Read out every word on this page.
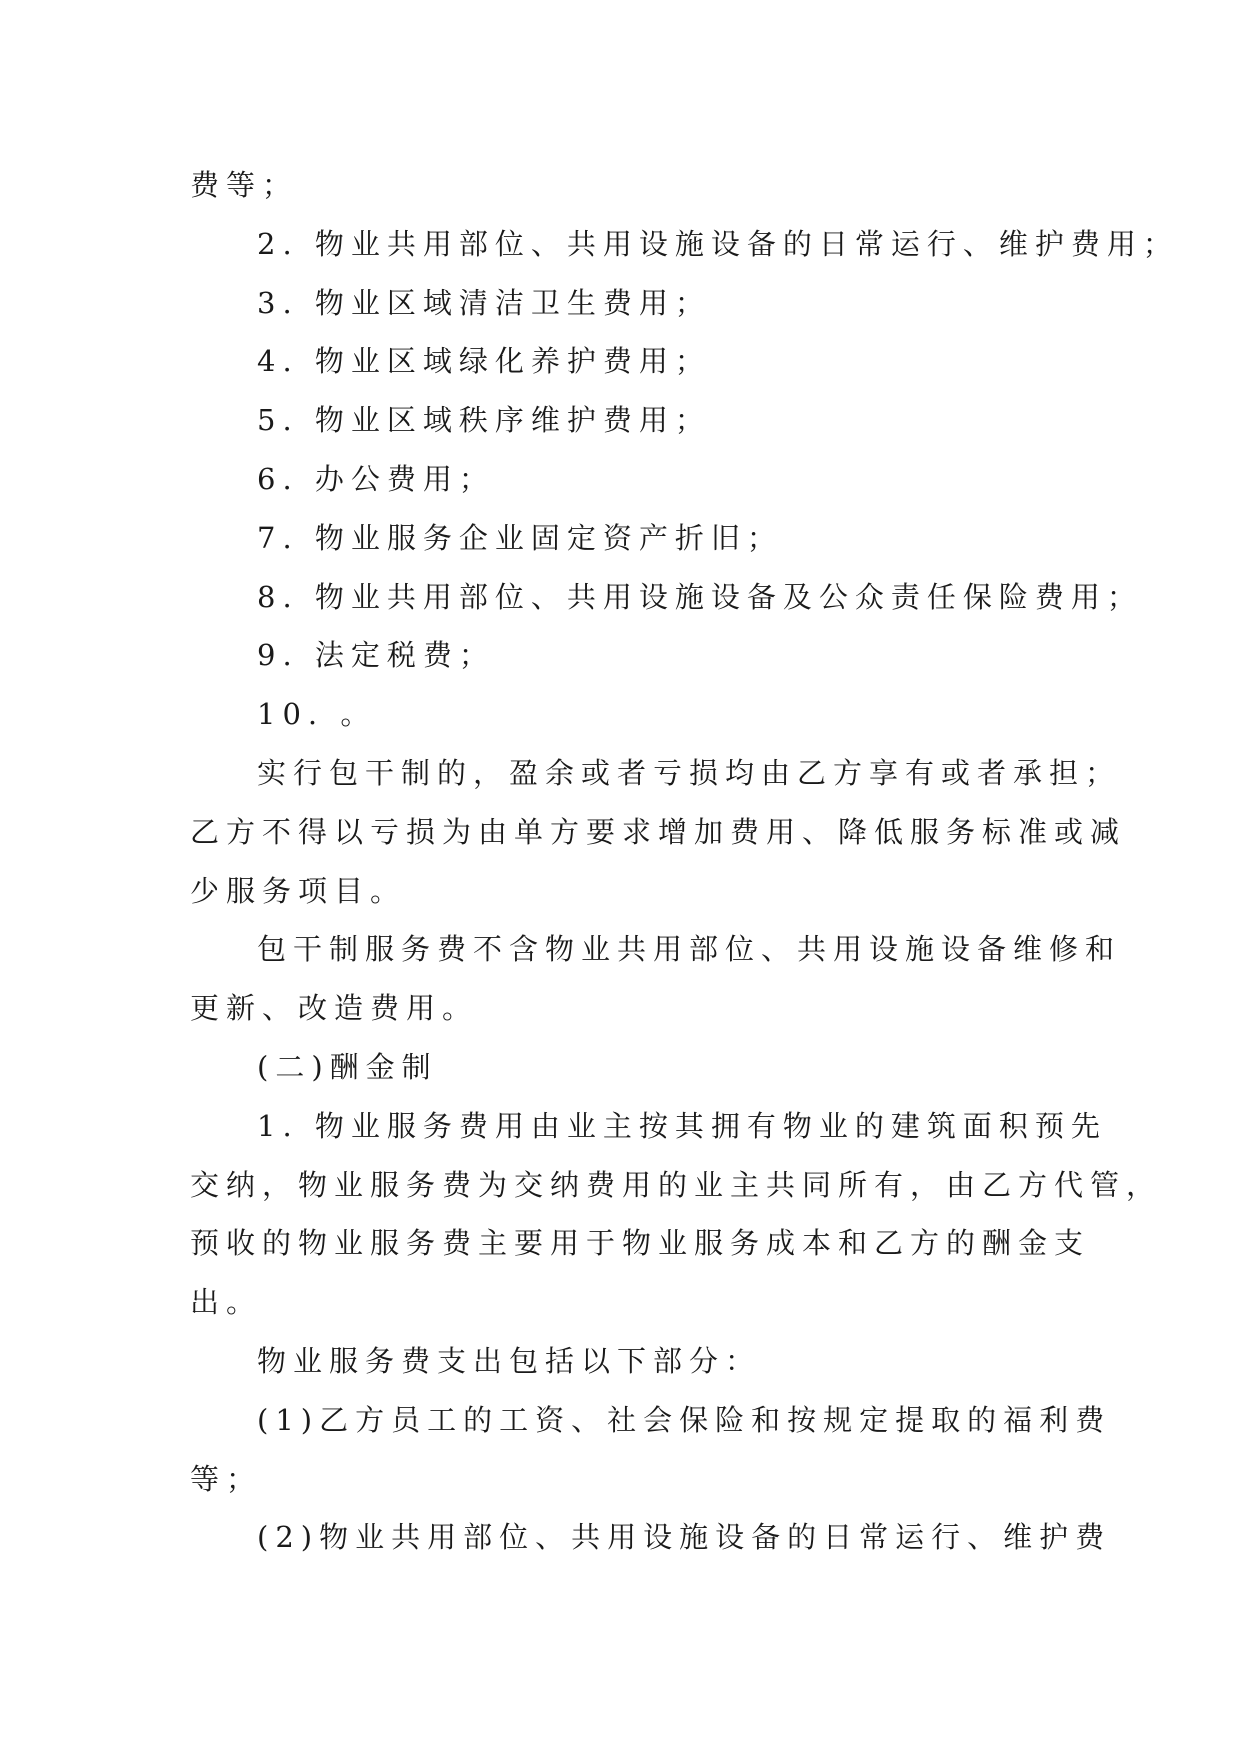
费等；
2. 物业共用部位、共用设施设备的日常运行、维护费用；
3. 物业区域清洁卫生费用；
4. 物业区域绿化养护费用；
5. 物业区域秩序维护费用；
6. 办公费用；
7. 物业服务企业固定资产折旧；
8. 物业共用部位、共用设施设备及公众责任保险费用；
9. 法定税费；
10. 。
实行包干制的，盈余或者亏损均由乙方享有或者承担；
乙方不得以亏损为由单方要求增加费用、降低服务标准或减
少服务项目。
包干制服务费不含物业共用部位、共用设施设备维修和
更新、改造费用。
(二)酬金制
1. 物业服务费用由业主按其拥有物业的建筑面积预先
交纳，物业服务费为交纳费用的业主共同所有，由乙方代管，
预收的物业服务费主要用于物业服务成本和乙方的酬金支
出。
物业服务费支出包括以下部分：
(1)乙方员工的工资、社会保险和按规定提取的福利费
等；
(2)物业共用部位、共用设施设备的日常运行、维护费
